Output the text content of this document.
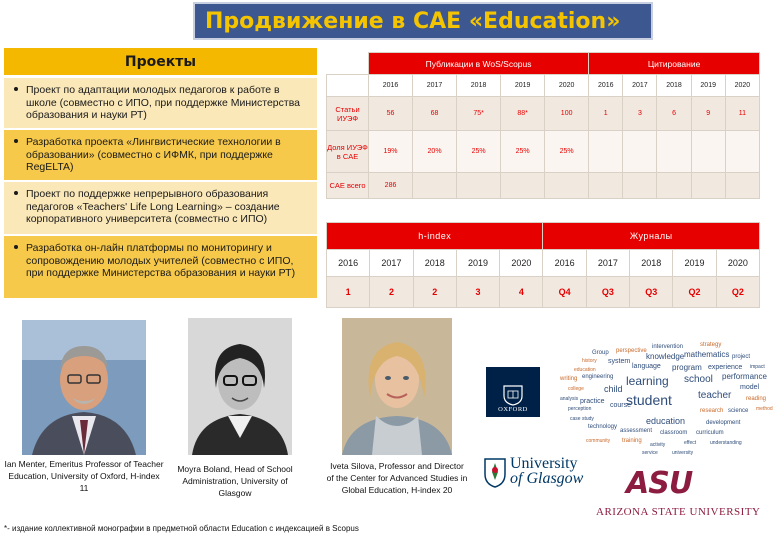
Продвижение в CAE «Education»
Проекты
Проект по адаптации молодых педагогов к работе в школе (совместно с ИПО, при поддержке Министерства образования и науки РТ)
Разработка проекта «Лингвистические технологии в образовании» (совместно с ИФМК, при поддержке RegELTA)
Проект по поддержке непрерывного образования педагогов «Teachers' Life Long Learning» – создание корпоративного университета (совместно с ИПО)
Разработка он-лайн платформы по мониторингу и сопровождению молодых учителей (совместно с ИПО, при поддержке Министерства образования и науки РТ)
	Публикации в WoS/Scopus					Цитирование				
	2016	2017	2018	2019	2020	2016	2017	2018	2019	2020
Статьи ИУЭФ	56	68	75*	88*	100	1	3	6	9	11
Доля ИУЭФ в CAE	19%	20%	25%	25%	25%					
CAE всего	286									
h-index					Журналы				
2016	2017	2018	2019	2020	2016	2017	2018	2019	2020
1	2	2	3	4	Q4	Q3	Q3	Q2	Q2
Ian Menter, Emeritus Professor of Teacher Education, University of Oxford, H-index 11
Moyra Boland, Head of School Administration, University of Glasgow
Iveta Silova, Professor and Director of the Center for Advanced Studies in Global Education, H-index 20
OXFORD
University
of Glasgow ASU
ARIZONA STATE UNIVERSITY
intervention	strategy
Group perspective
knowledge mathematics project
history system
education	language program experience impact
writing engineering
child
learning school performance
college	model
analysis practice student	teacher reading
perception	course
research science method
case study
technology
education	development
assessment classroom curriculum
community training	understanding
service	university
effect
activity
*- издание коллективной монографии в предметной области Education с индексацией в Scopus
